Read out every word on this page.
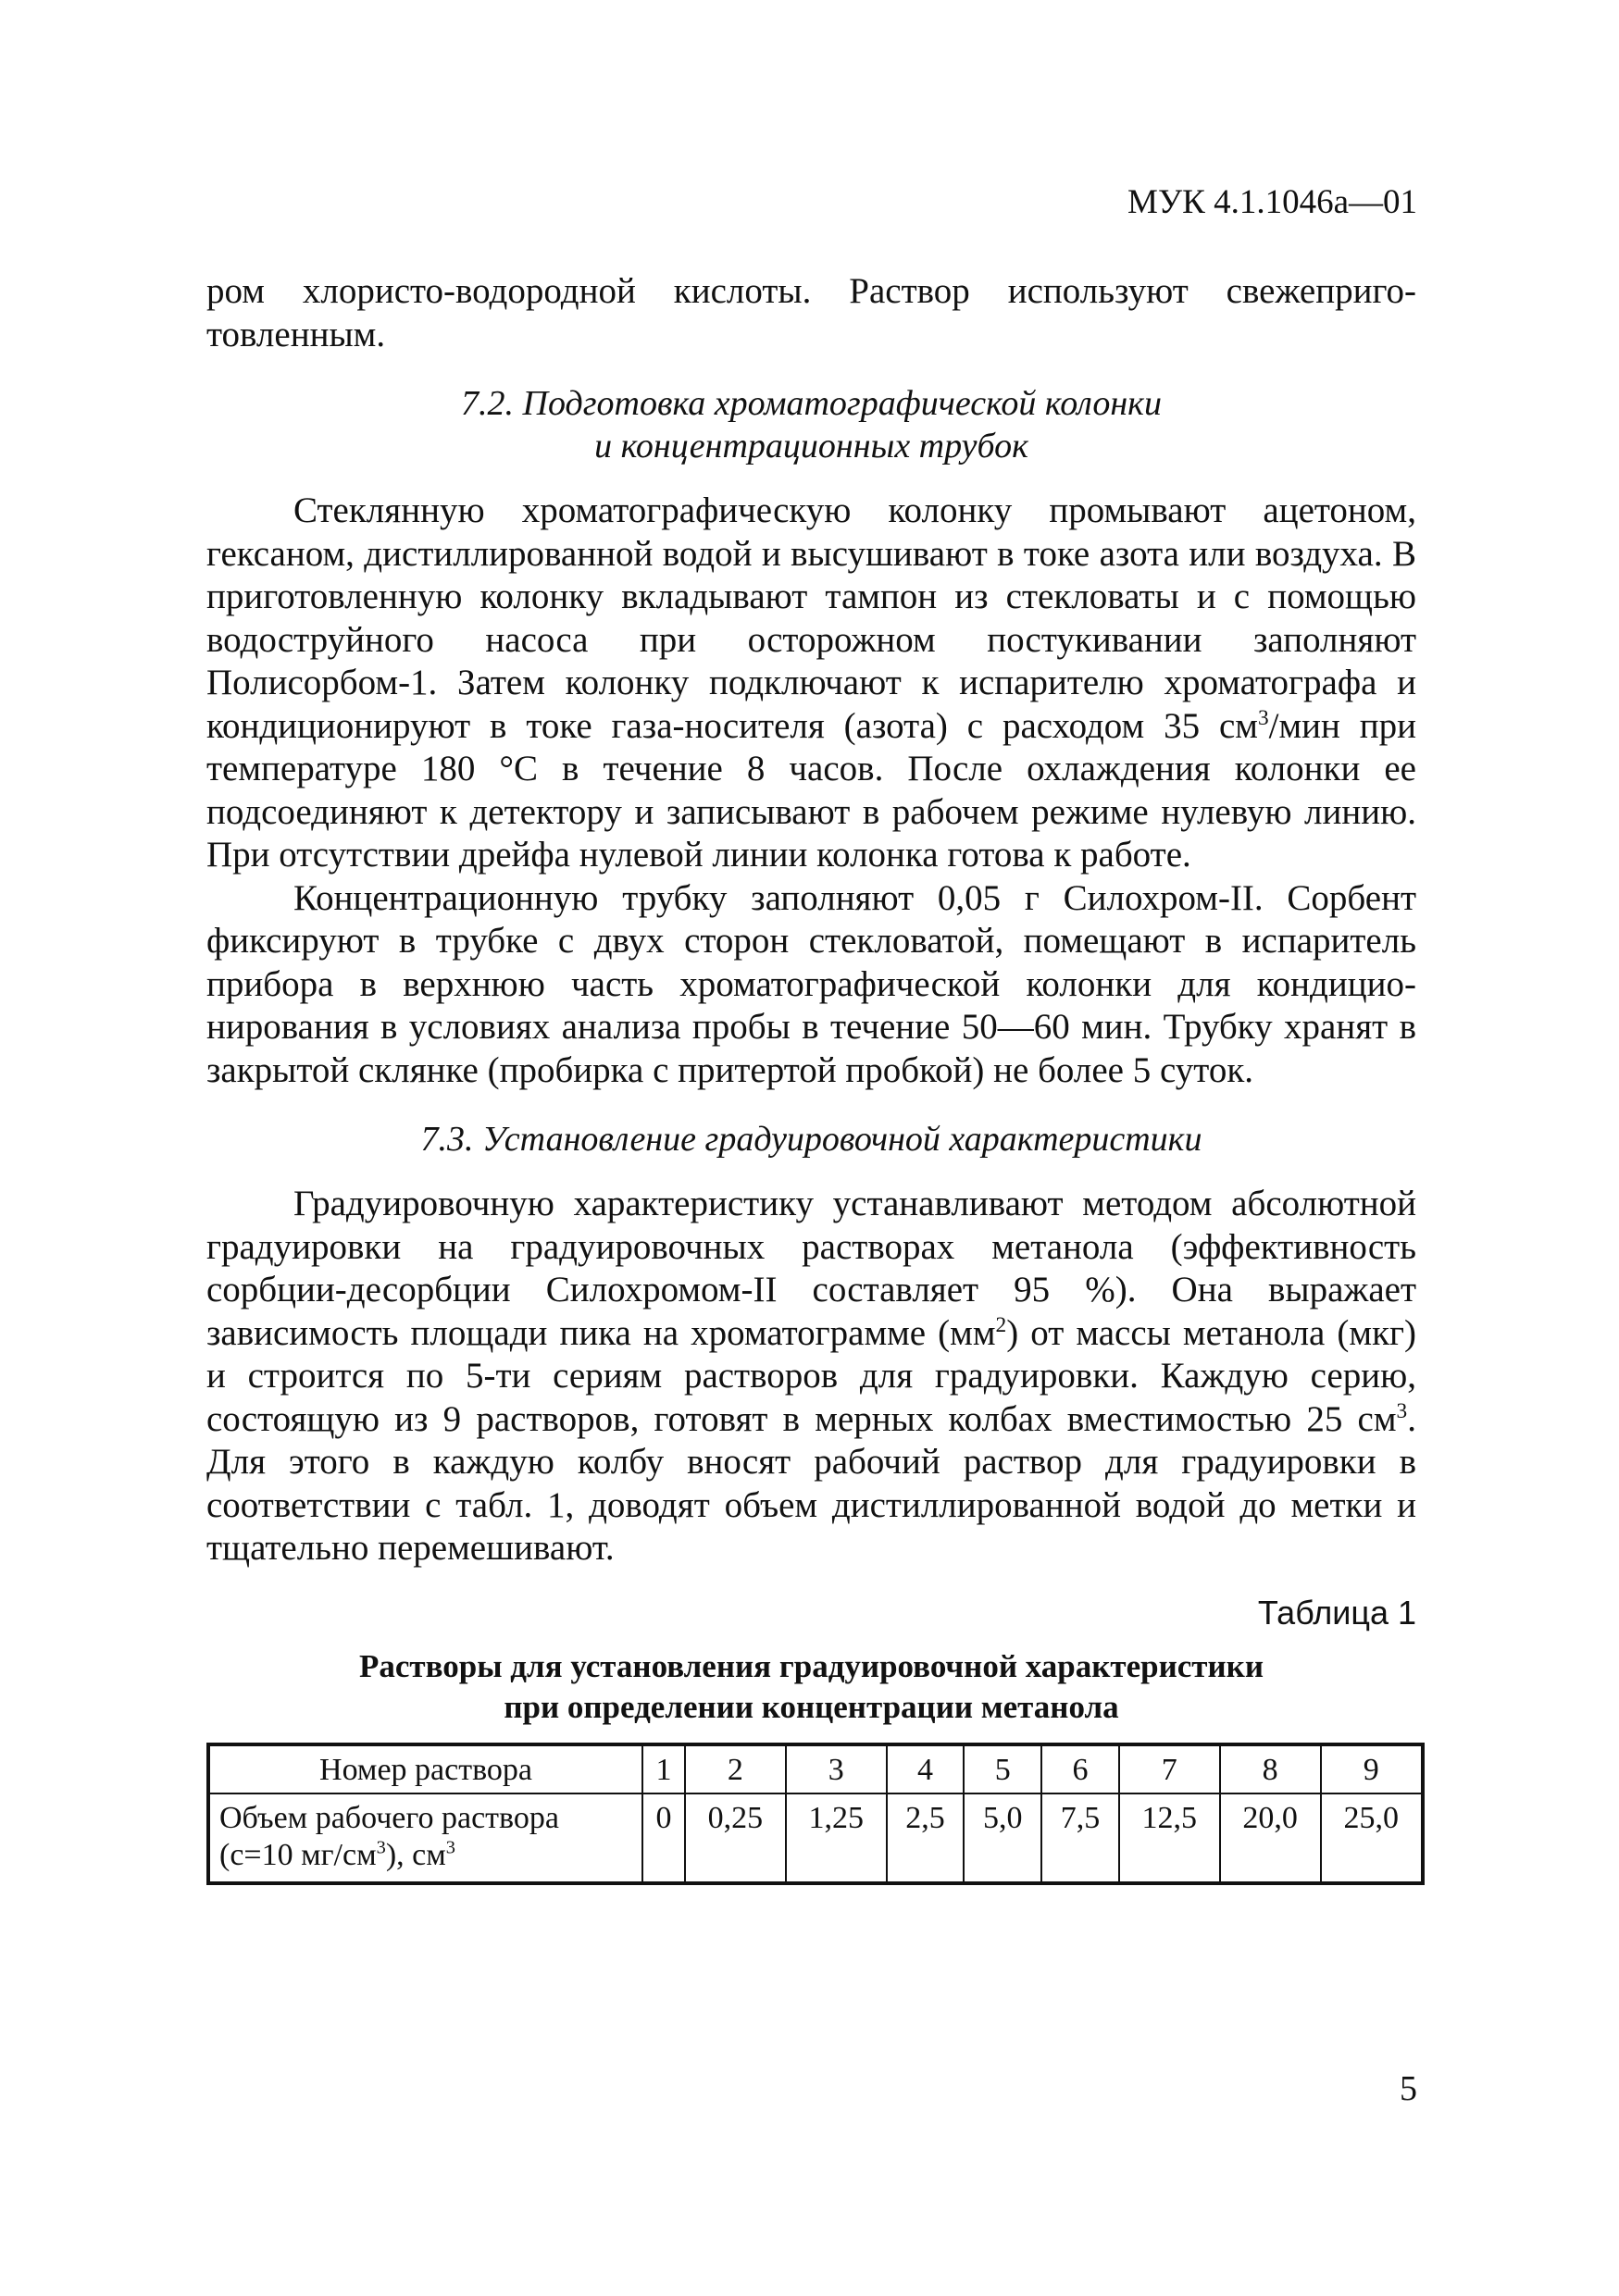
МУК 4.1.1046а—01

ром хлористо-водородной кислоты. Раствор используют свежеприготовленным.

7.2. Подготовка хроматографической колонки
и концентрационных трубок

Стеклянную хроматографическую колонку промывают ацетоном, гексаном, дистиллированной водой и высушивают в токе азота или воздуха. В приготовленную колонку вкладывают тампон из стекловаты и с помощью водоструйного насоса при осторожном постукивании заполняют Полисорбом-1. Затем колонку подключают к испарителю хроматографа и кондиционируют в токе газа-носителя (азота) с расходом 35 $см^3$/мин при температуре 180 °С в течение 8 часов. После охлаждения колонки ее подсоединяют к детектору и записывают в рабочем режиме нулевую линию. При отсутствии дрейфа нулевой линии колонка готова к работе.

Концентрационную трубку заполняют 0,05 г Силохром-II. Сорбент фиксируют в трубке с двух сторон стекловатой, помещают в испаритель прибора в верхнюю часть хроматографической колонки для кондиционирования в условиях анализа пробы в течение 50—60 мин. Трубку хранят в закрытой склянке (пробирка с притертой пробкой) не более 5 суток.

7.3. Установление градуировочной характеристики

Градуировочную характеристику устанавливают методом абсолютной градуировки на градуировочных растворах метанола (эффективность сорбции-десорбции Силохромом-II составляет 95 %). Она выражает зависимость площади пика на хроматограмме $(мм^2)$ от массы метанола (мкг) и строится по 5-ти сериям растворов для градуировки. Каждую серию, состоящую из 9 растворов, готовят в мерных колбах вместимостью 25 $см^3$. Для этого в каждую колбу вносят рабочий раствор для градуировки в соответствии с табл. 1, доводят объем дистиллированной водой до метки и тщательно перемешивают.

Таблица 1
Растворы для установления градуировочной характеристики
при определении концентрации метанола
Номер раствора	1	2	3	4	5	6	7	8	9
Объем рабочего раствора
(с=10 $мг/см^3$), $см^3$	0	0,25	1,25	2,5	5,0	7,5	12,5	20,0	25,0
5
